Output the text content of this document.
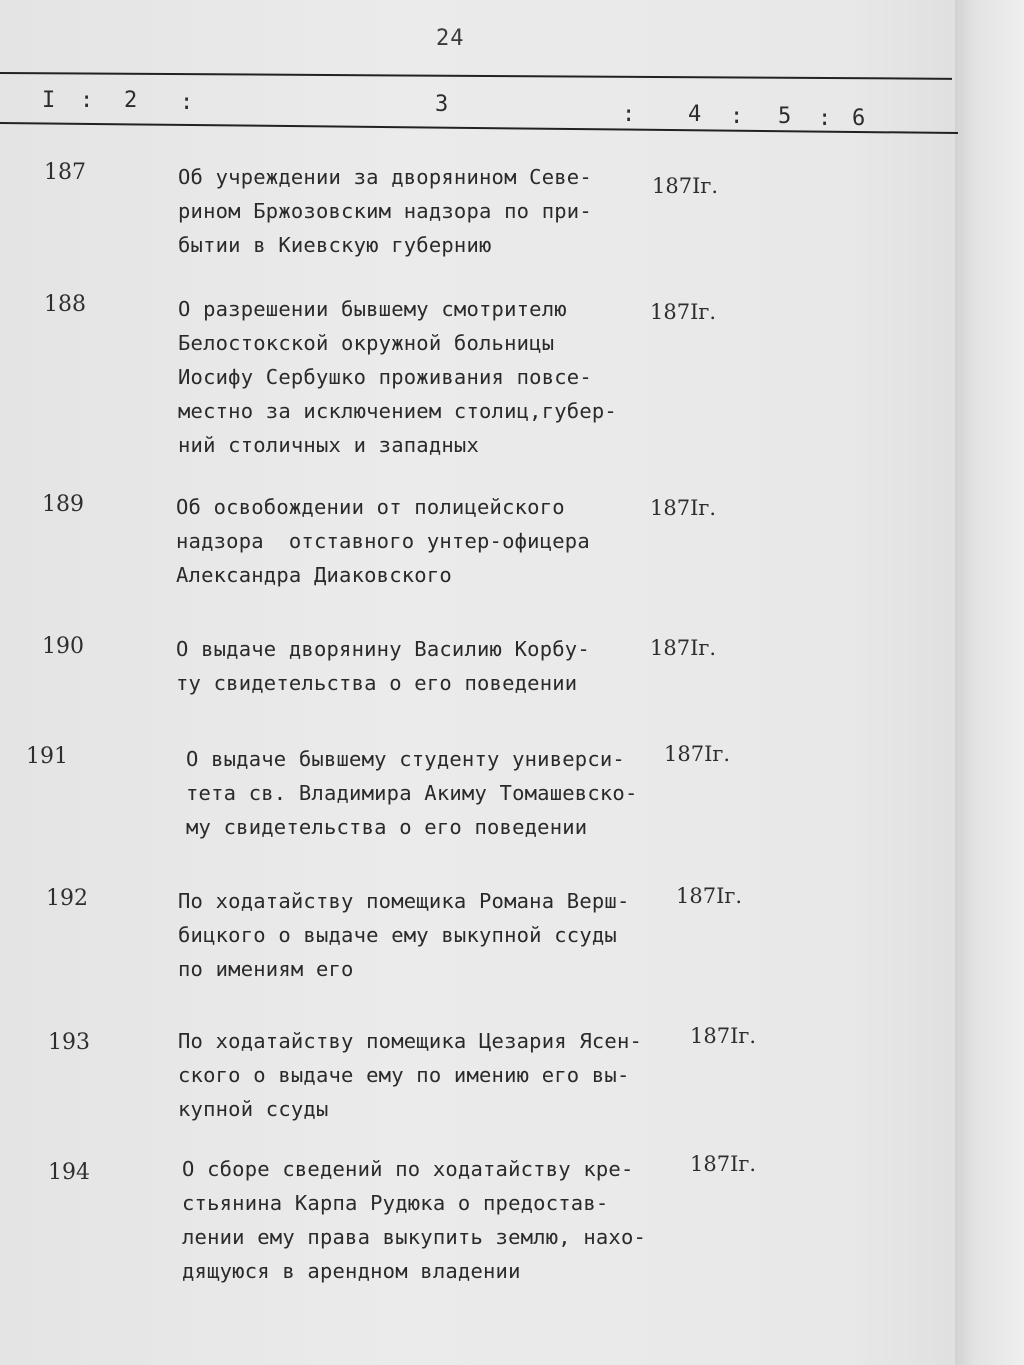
24
I : 2 :	3	: 4 : 5 : 6
187	Об учреждении за дворянином Севе-
рином Бржозовским надзора по при-
бытии в Киевскую губернию
187Iг.
188	О разрешении бывшему смотрителю
Белостокской окружной больницы
Иосифу Сербушко проживания повсе-
местно за исключением столиц,губер-
ний столичных и западных
187Iг.
189	Об освобождении от полицейского
надзора  отставного унтер-офицера
Александра Диаковского
187Iг.
190	О выдаче дворянину Василию Корбу-
ту свидетельства о его поведении
187Iг.
191	О выдаче бывшему студенту универси-
тета св. Владимира Акиму Томашевско-
му свидетельства о его поведении
187Iг.
192	По ходатайству помещика Романа Верш-
бицкого о выдаче ему выкупной ссуды
по имениям его
187Iг.
193	По ходатайству помещика Цезария Ясен-
ского о выдаче ему по имению его вы-
купной ссуды
187Iг.
194	О сборе сведений по ходатайству кре-
стьянина Карпа Рудюка о предостав-
лении ему права выкупить землю, нахо-
дящуюся в арендном владении
187Iг.
